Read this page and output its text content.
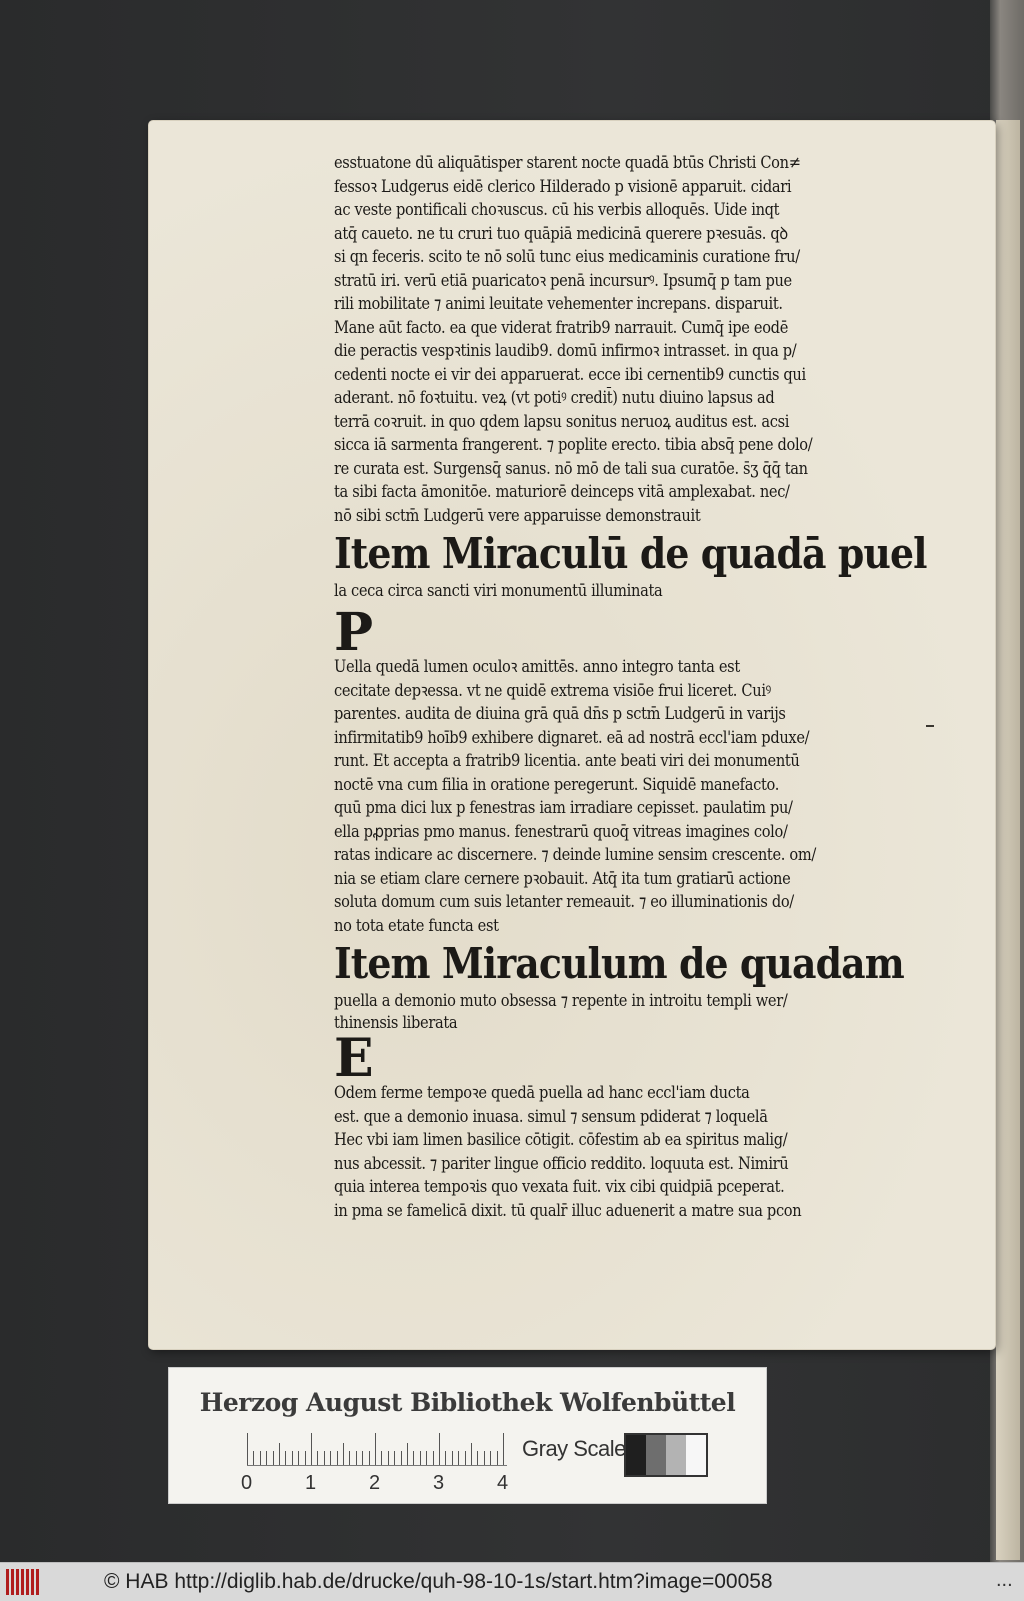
esstuatone dū aliquātisper starent nocte quadā btūs Christi Con≠
fessoꝛ Ludgerus eidē clerico Hilderado p visionē apparuit. cidari
ac veste pontificali choꝛuscus. cū his verbis alloquēs. Uide inqt
atq̄ caueto. ne tu cruri tuo quāpiā medicinā querere pꝛesuās. qꝺ
si qn feceris. scito te nō solū tunc eius medicaminis curatione fru/
stratū iri. verū etiā puaricatoꝛ penā incursurꝰ. Ipsumq̄ p tam pue
rili mobilitate ⁊ animi leuitate vehementer increpans. disparuit.
Mane aūt facto. ea que viderat fratrib9 narrauit. Cumq̄ ipe eodē
die peractis vespꝛtinis laudib9. domū infirmoꝛ intrasset. in qua p/
cedenti nocte ei vir dei apparuerat. ecce ibi cernentib9 cunctis qui
aderant. nō foꝛtuitu. veꝝ (vt potiꝰ credit̄) nutu diuino lapsus ad
terrā coꝛruit. in quo qdem lapsu sonitus neruoꝝ auditus est. acsi
sicca iā sarmenta frangerent. ⁊ poplite erecto. tibia absq̄ pene dolo/
re curata est. Surgensq̄ sanus. nō mō de tali sua curatōe. s̄ӡ q̄q̄ tan
ta sibi facta āmonitōe. maturiorē deinceps vitā amplexabat. nec/
nō sibi sctm̄ Ludgerū vere apparuisse demonstrauit
Item Miraculū de quadā puel
la ceca circa sancti viri monumentū illuminata
P
Uella quedā lumen oculoꝛ amittēs. anno integro tanta est
cecitate depꝛessa. vt ne quidē extrema visiōe frui liceret. Cuiꝰ
parentes. audita de diuina grā quā dn̄s p sctm̄ Ludgerū in varijs
infirmitatib9 hoīb9 exhibere dignaret. eā ad nostrā eccl'iam pduxe/
runt. Et accepta a fratrib9 licentia. ante beati viri dei monumentū
noctē vna cum filia in oratione peregerunt. Siquidē manefacto.
quū pma dici lux p fenestras iam irradiare cepisset. paulatim pu/
ella pꝓprias pmo manus. fenestrarū quoq̄ vitreas imagines colo/
ratas indicare ac discernere. ⁊ deinde lumine sensim crescente. om/
nia se etiam clare cernere pꝛobauit. Atq̄ ita tum gratiarū actione
soluta domum cum suis letanter remeauit. ⁊ eo illuminationis do/
no tota etate functa est
Item Miraculum de quadam
puella a demonio muto obsessa ⁊ repente in introitu templi wer/
thinensis liberata
E
Odem ferme tempoꝛe quedā puella ad hanc eccl'iam ducta
est. que a demonio inuasa. simul ⁊ sensum pdiderat ⁊ loquelā
Hec vbi iam limen basilice cōtigit. cōfestim ab ea spiritus malig/
nus abcessit. ⁊ pariter lingue officio reddito. loquuta est. Nimirū
quia interea tempoꝛis quo vexata fuit. vix cibi quidpiā pceperat.
in pma se famelicā dixit. tū qualr̄ illuc aduenerit a matre sua pcon
Herzog August Bibliothek Wolfenbüttel
0	1	2	3	4
Gray Scale
© HAB http://diglib.hab.de/drucke/quh-98-10-1s/start.htm?image=00058	...
